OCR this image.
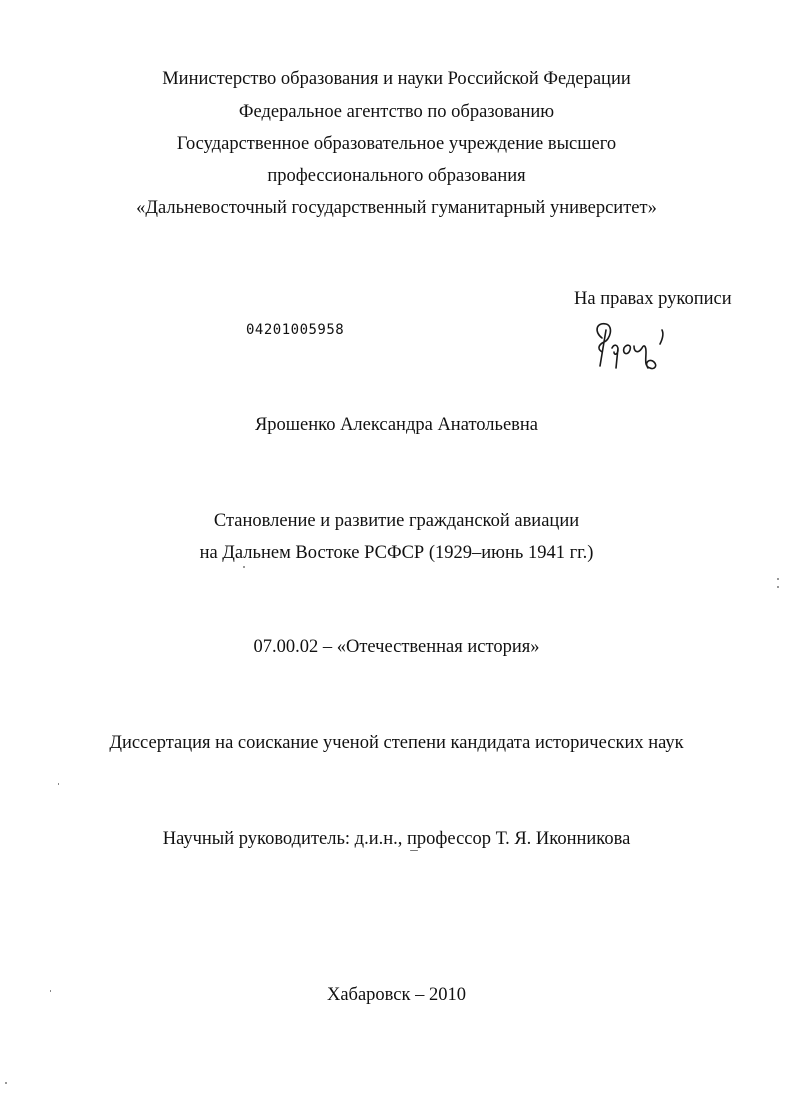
Министерство образования и науки Российской Федерации
Федеральное агентство по образованию
Государственное образовательное учреждение высшего
профессионального образования
«Дальневосточный государственный гуманитарный университет»
На правах рукописи
04201005958
Ярошенко Александра Анатольевна
Становление и развитие гражданской авиации
на Дальнем Востоке РСФСР (1929–июнь 1941 гг.)
07.00.02 – «Отечественная история»
Диссертация на соискание ученой степени кандидата исторических наук
Научный руководитель: д.и.н., профессор Т. Я. Иконникова
Хабаровск – 2010
